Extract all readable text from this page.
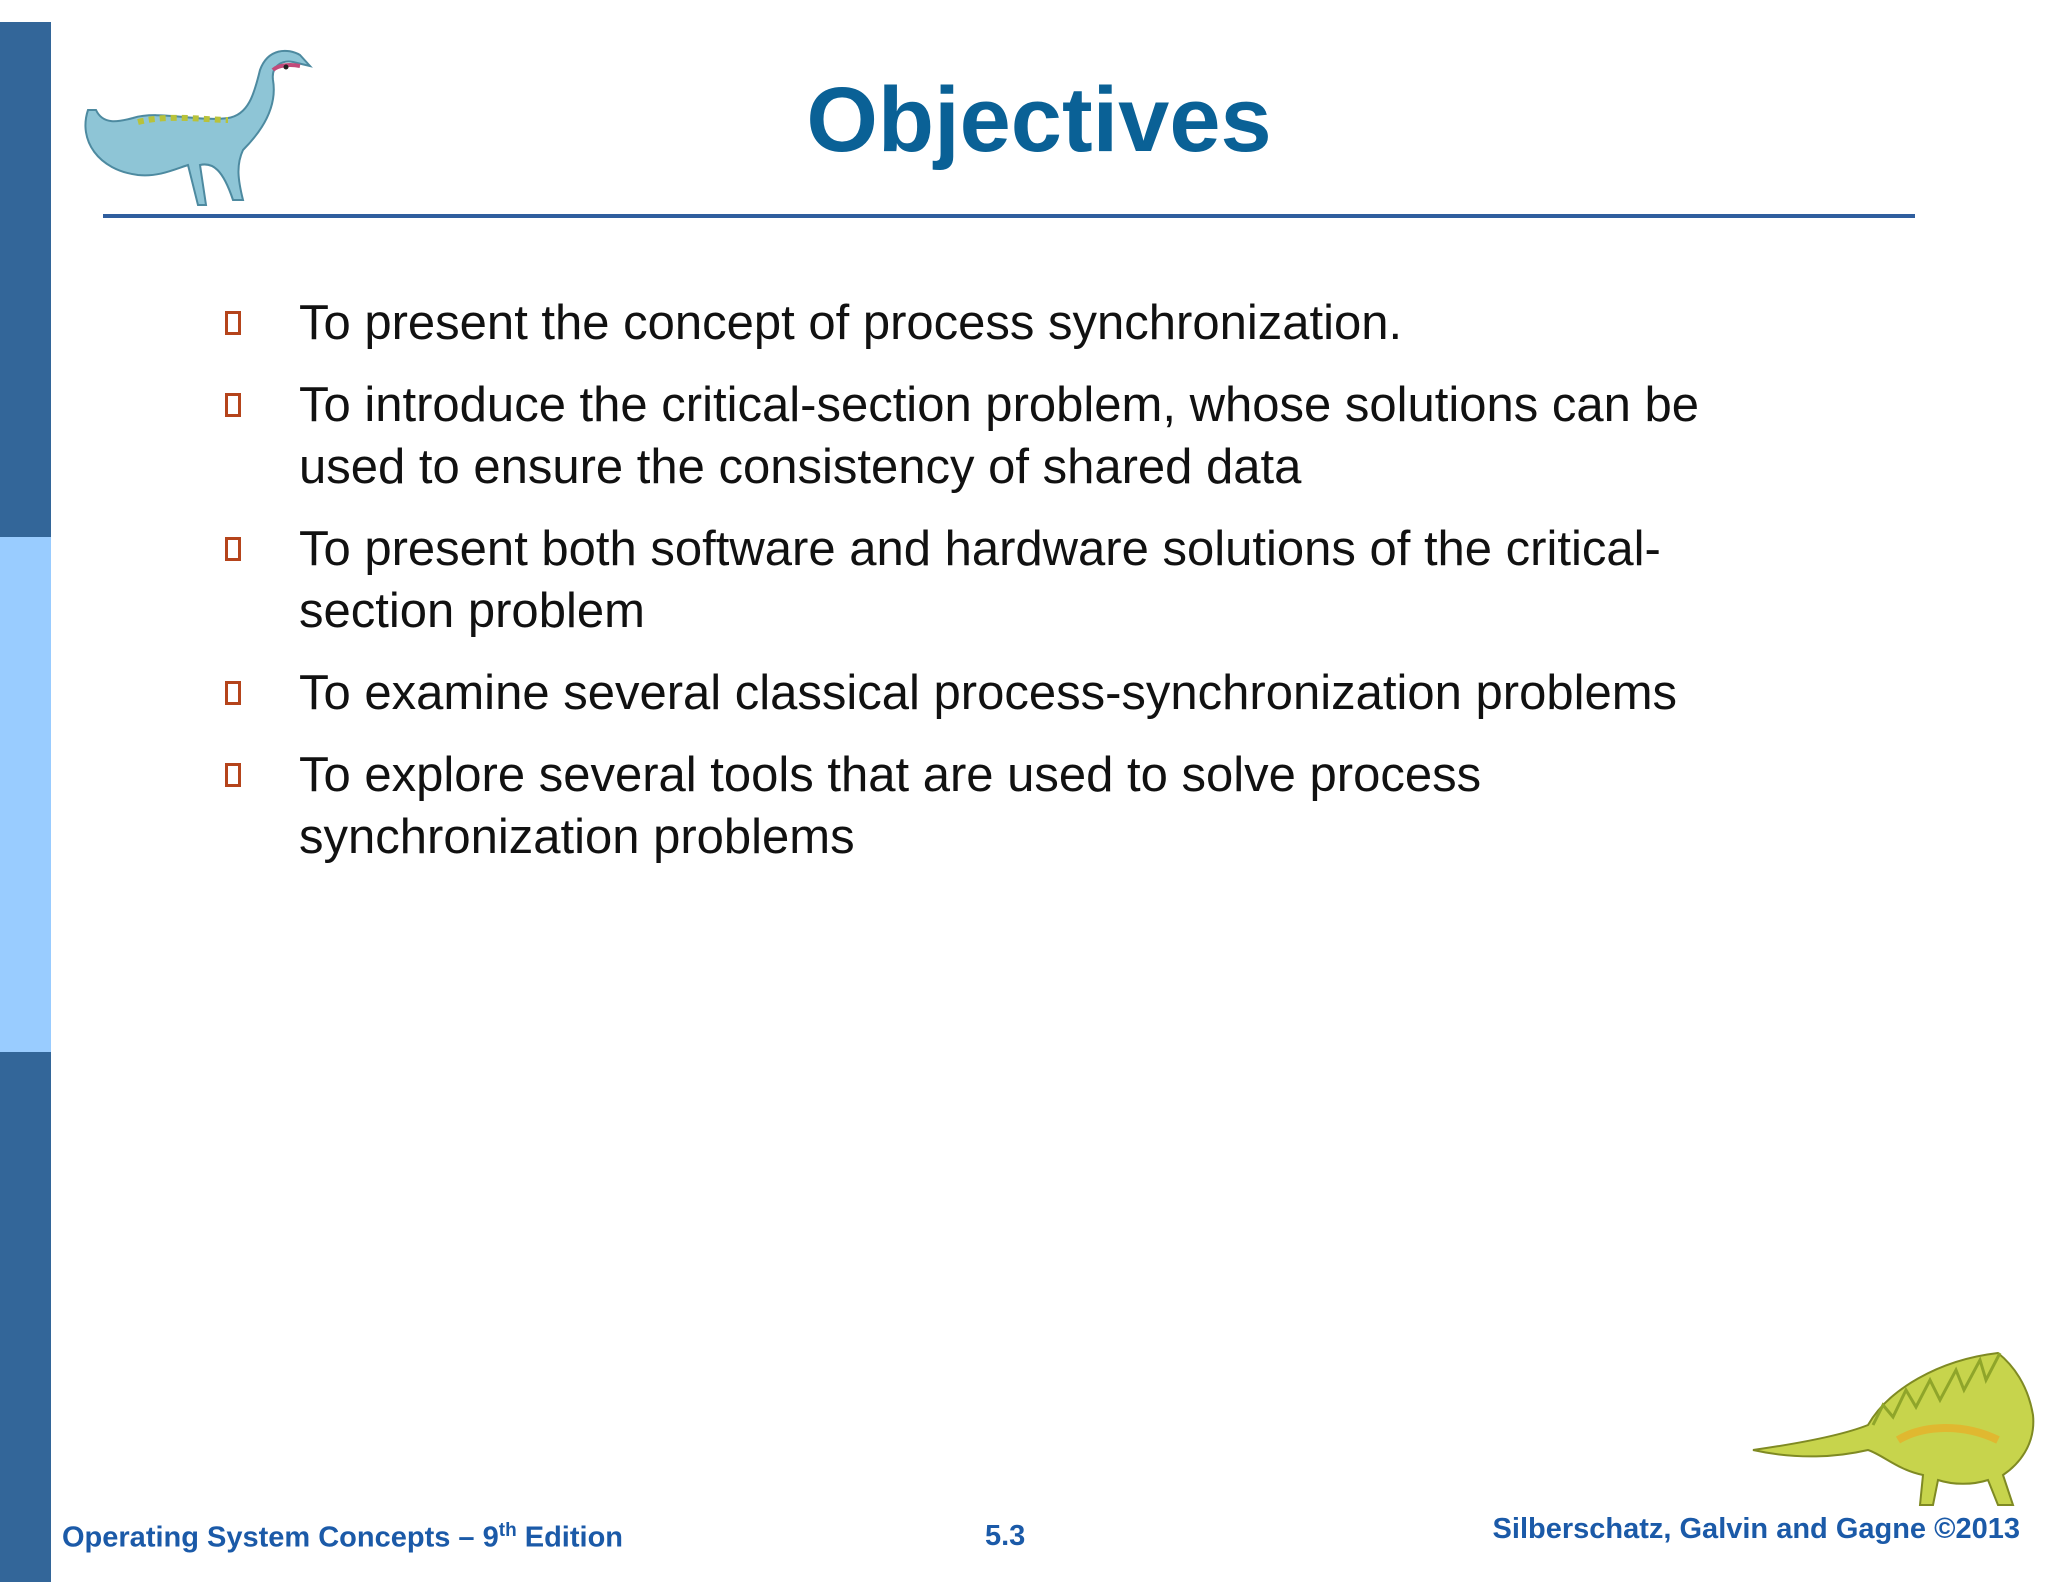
Objectives
To present the concept of process synchronization.
To introduce the critical-section problem, whose solutions can be used to ensure the consistency of shared data
To present both software and hardware solutions of the critical-section problem
To examine several classical process-synchronization problems
To explore several tools that are used to solve process synchronization problems
Operating System Concepts – 9th Edition	5.3	Silberschatz, Galvin and Gagne ©2013
